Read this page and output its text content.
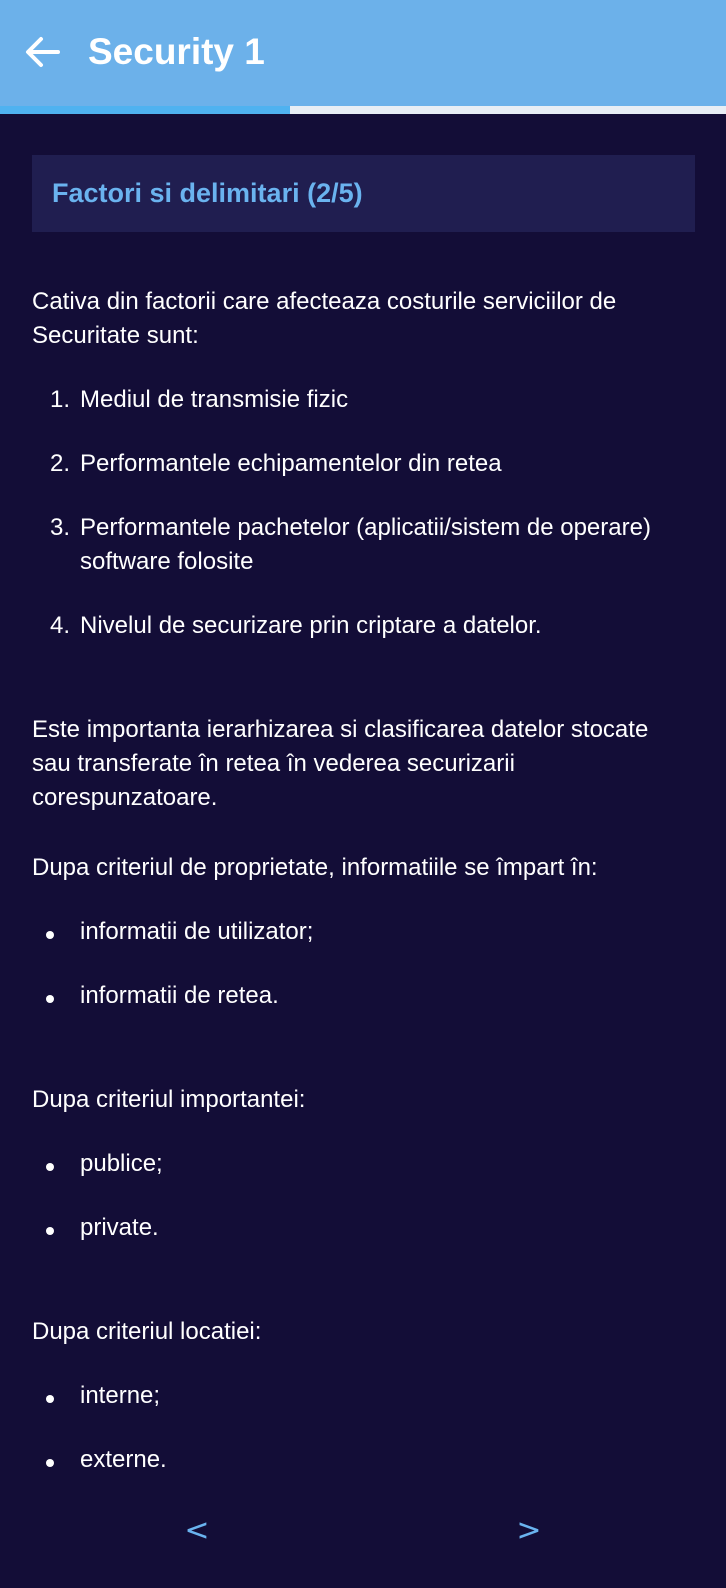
Security 1
Factori si delimitari (2/5)

Cativa din factorii care afecteaza costurile serviciilor de Securitate sunt:

1. Mediul de transmisie fizic
2. Performantele echipamentelor din retea
3. Performantele pachetelor (aplicatii/sistem de operare) software folosite
4. Nivelul de securizare prin criptare a datelor.

Este importanta ierarhizarea si clasificarea datelor stocate sau transferate în retea în vederea securizarii corespunzatoare.

Dupa criteriul de proprietate, informatiile se împart în:

informatii de utilizator;
informatii de retea.

Dupa criteriul importantei:

publice;
private.

Dupa criteriul locatiei:

interne;
externe.
<	>
